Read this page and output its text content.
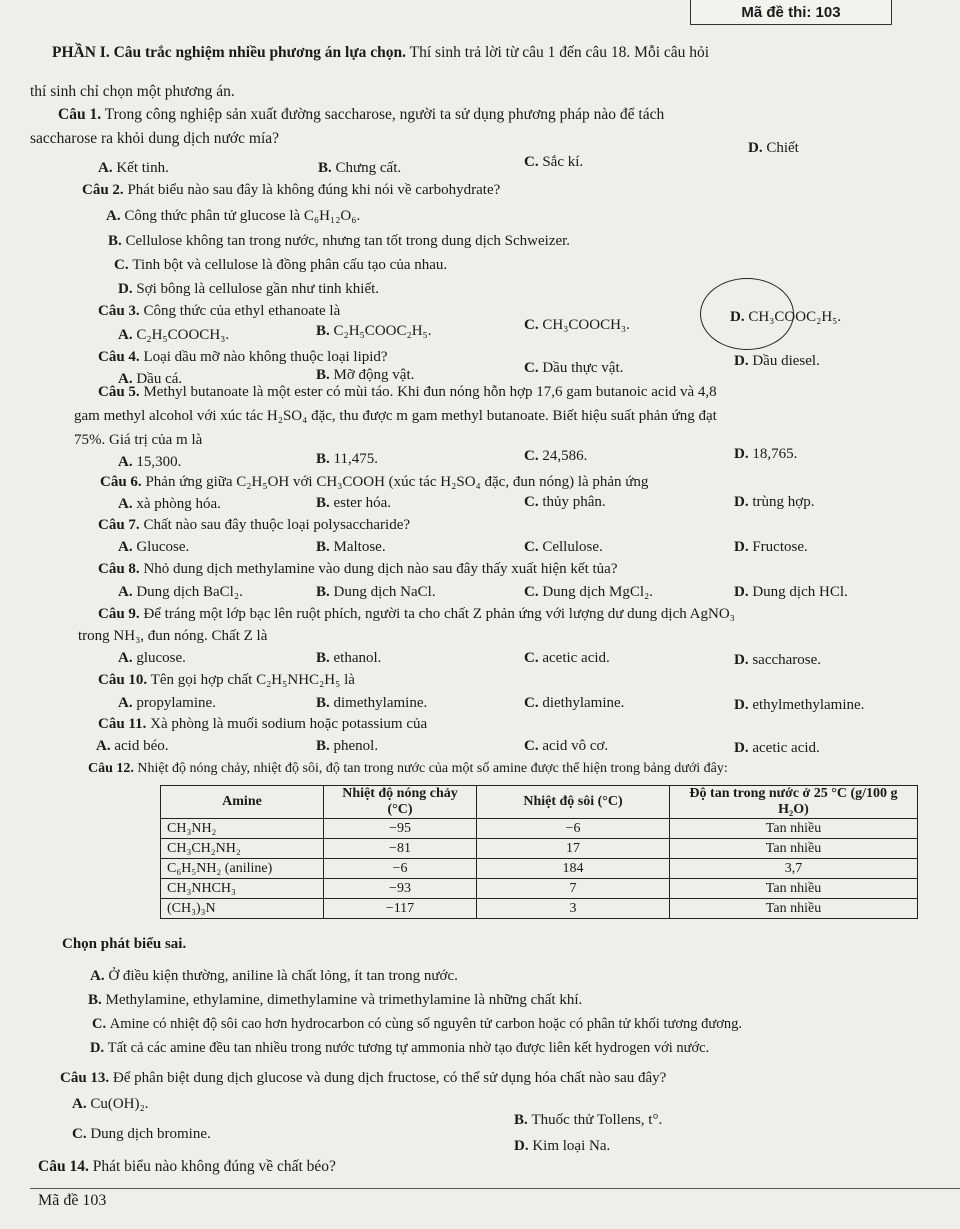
Mã đề thi: 103
PHẦN I. Câu trắc nghiệm nhiều phương án lựa chọn. Thí sinh trả lời từ câu 1 đến câu 18. Mỗi câu hỏi
thí sinh chỉ chọn một phương án.
Câu 1. Trong công nghiệp sản xuất đường saccharose, người ta sử dụng phương pháp nào để tách
saccharose ra khỏi dung dịch nước mía?
A. Kết tinh.	B. Chưng cất.	C. Sắc kí.
D. Chiết
Câu 2. Phát biểu nào sau đây là không đúng khi nói về carbohydrate?
A. Công thức phân tử glucose là C₆H₁₂O₆.
B. Cellulose không tan trong nước, nhưng tan tốt trong dung dịch Schweizer.
C. Tinh bột và cellulose là đồng phân cấu tạo của nhau.
D. Sợi bông là cellulose gần như tinh khiết.
Câu 3. Công thức của ethyl ethanoate là
A. C₂H₅COOCH₃.	B. C₂H₅COOC₂H₅.	C. CH₃COOCH₃.	D. CH₃COOC₂H₅.
Câu 4. Loại dầu mỡ nào không thuộc loại lipid?
A. Dầu cá.	B. Mỡ động vật.	C. Dầu thực vật.	D. Dầu diesel.
Câu 5. Methyl butanoate là một ester có mùi táo. Khi đun nóng hỗn hợp 17,6 gam butanoic acid và 4,8
gam methyl alcohol với xúc tác H₂SO₄ đặc, thu được m gam methyl butanoate. Biết hiệu suất phản ứng đạt
75%. Giá trị của m là
A. 15,300.	B. 11,475.	C. 24,586.	D. 18,765.
Câu 6. Phản ứng giữa C₂H₅OH với CH₃COOH (xúc tác H₂SO₄ đặc, đun nóng) là phản ứng
A. xà phòng hóa.	B. ester hóa.	C. thủy phân.	D. trùng hợp.
Câu 7. Chất nào sau đây thuộc loại polysaccharide?
A. Glucose.	B. Maltose.	C. Cellulose.	D. Fructose.
Câu 8. Nhỏ dung dịch methylamine vào dung dịch nào sau đây thấy xuất hiện kết tủa?
A. Dung dịch BaCl₂.	B. Dung dịch NaCl.	C. Dung dịch MgCl₂.	D. Dung dịch HCl.
Câu 9. Để tráng một lớp bạc lên ruột phích, người ta cho chất Z phản ứng với lượng dư dung dịch AgNO₃
trong NH₃, đun nóng. Chất Z là
A. glucose.	B. ethanol.	C. acetic acid.	D. saccharose.
Câu 10. Tên gọi hợp chất C₂H₅NHC₂H₅ là
A. propylamine.	B. dimethylamine.	C. diethylamine.	D. ethylmethylamine.
Câu 11. Xà phòng là muối sodium hoặc potassium của
A. acid béo.	B. phenol.	C. acid vô cơ.	D. acetic acid.
Câu 12. Nhiệt độ nóng chảy, nhiệt độ sôi, độ tan trong nước của một số amine được thể hiện trong bảng dưới đây:
Amine	Nhiệt độ nóng chảy (°C)	Nhiệt độ sôi (°C)	Độ tan trong nước ở 25 °C (g/100 g H₂O)
CH₃NH₂	−95	−6	Tan nhiều
CH₃CH₂NH₂	−81	17	Tan nhiều
C₆H₅NH₂ (aniline)	−6	184	3,7
CH₃NHCH₃	−93	7	Tan nhiều
(CH₃)₃N	−117	3	Tan nhiều
Chọn phát biểu sai.
A. Ở điều kiện thường, aniline là chất lỏng, ít tan trong nước.
B. Methylamine, ethylamine, dimethylamine và trimethylamine là những chất khí.
C. Amine có nhiệt độ sôi cao hơn hydrocarbon có cùng số nguyên tử carbon hoặc có phân tử khối tương đương.
D. Tất cả các amine đều tan nhiều trong nước tương tự ammonia nhờ tạo được liên kết hydrogen với nước.
Câu 13. Để phân biệt dung dịch glucose và dung dịch fructose, có thể sử dụng hóa chất nào sau đây?
A. Cu(OH)₂.
B. Thuốc thử Tollens, t°.
C. Dung dịch bromine.
D. Kim loại Na.
Câu 14. Phát biểu nào không đúng về chất béo?
Mã đề 103
